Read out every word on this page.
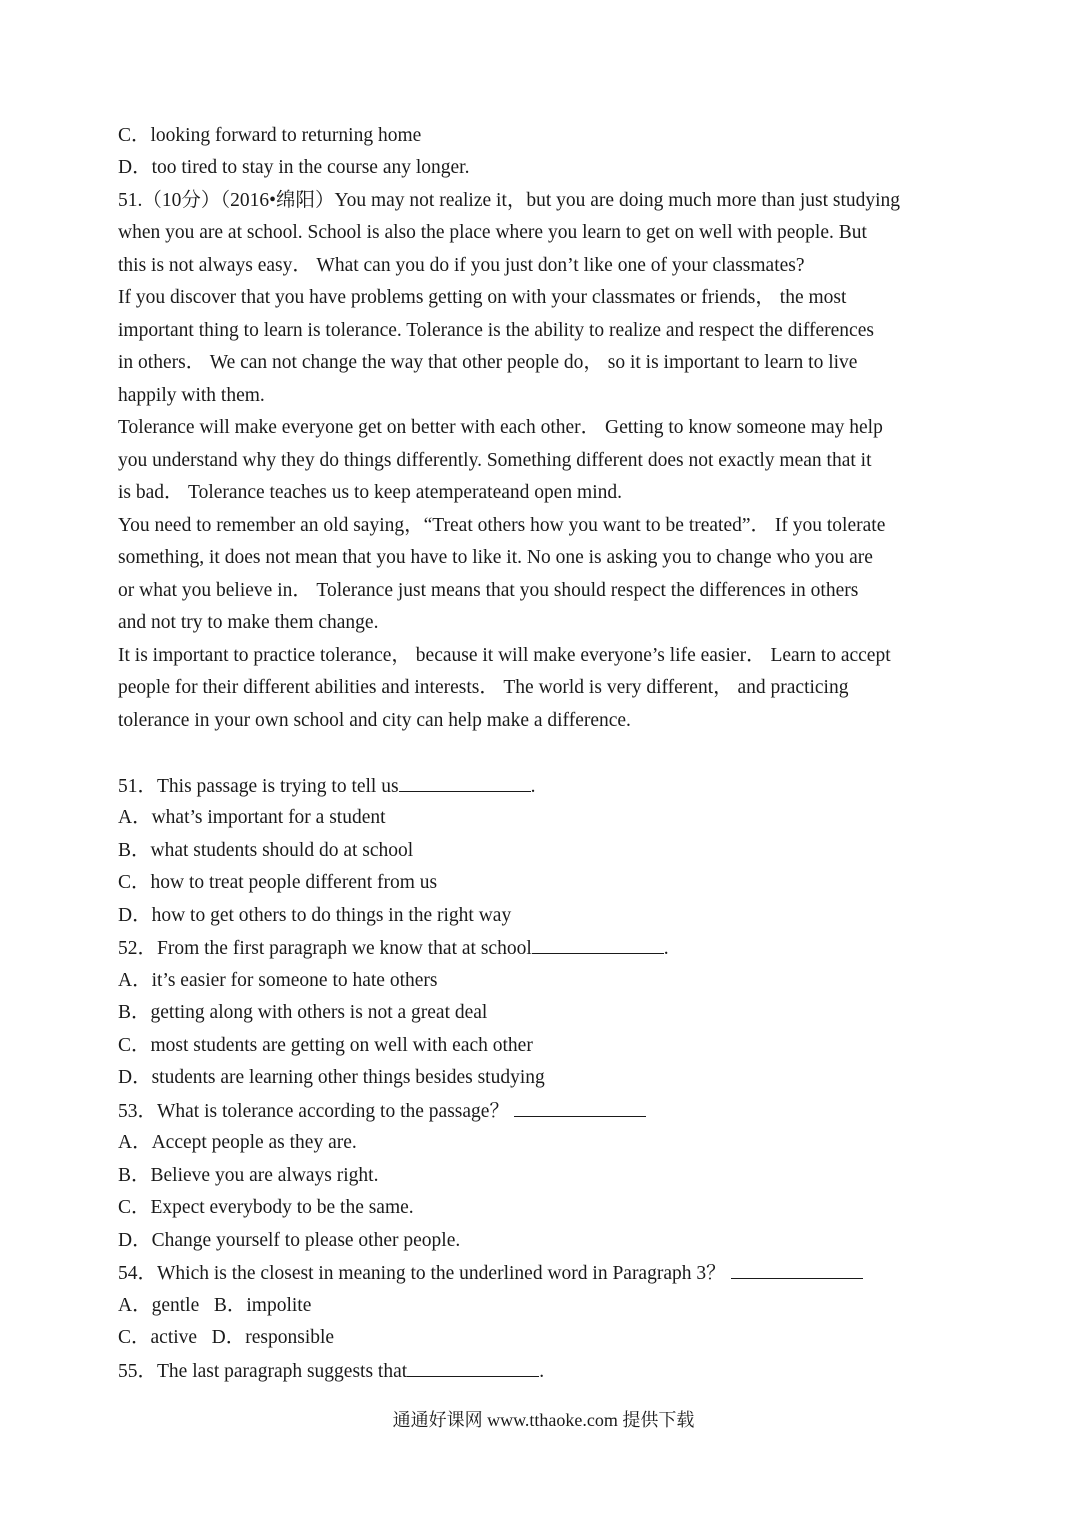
C．looking forward to returning home
D．too tired to stay in the course any longer.
51.（10分）（2016•绵阳）You may not realize it，but you are doing much more than just studying
when you are at school. School is also the place where you learn to get on well with people. But
this is not always easy． What can you do if you just don’t like one of your classmates?
If you discover that you have problems getting on with your classmates or friends， the most
important thing to learn is tolerance. Tolerance is the ability to realize and respect the differences
in others． We can not change the way that other people do， so it is important to learn to live
happily with them.
Tolerance will make everyone get on better with each other． Getting to know someone may help
you understand why they do things differently. Something different does not exactly mean that it
is bad． Tolerance teaches us to keep atemperateand open mind.
You need to remember an old saying，“Treat others how you want to be treated”． If you tolerate
something, it does not mean that you have to like it. No one is asking you to change who you are
or what you believe in． Tolerance just means that you should respect the differences in others
and not try to make them change.
It is important to practice tolerance， because it will make everyone’s life easier． Learn to accept
people for their different abilities and interests． The world is very different， and practicing
tolerance in your own school and city can help make a difference.
51．This passage is trying to tell us	.
A．what’s important for a student
B．what students should do at school
C．how to treat people different from us
D．how to get others to do things in the right way
52．From the first paragraph we know that at school	.
A．it’s easier for someone to hate others
B．getting along with others is not a great deal
C．most students are getting on well with each other
D．students are learning other things besides studying
53．What is tolerance according to the passage？
A．Accept people as they are.
B．Believe you are always right.
C．Expect everybody to be the same.
D．Change yourself to please other people.
54．Which is the closest in meaning to the underlined word in Paragraph 3？
A．gentle   B．impolite
C．active   D．responsible
55．The last paragraph suggests that	.
通通好课网 www.tthaoke.com 提供下载
